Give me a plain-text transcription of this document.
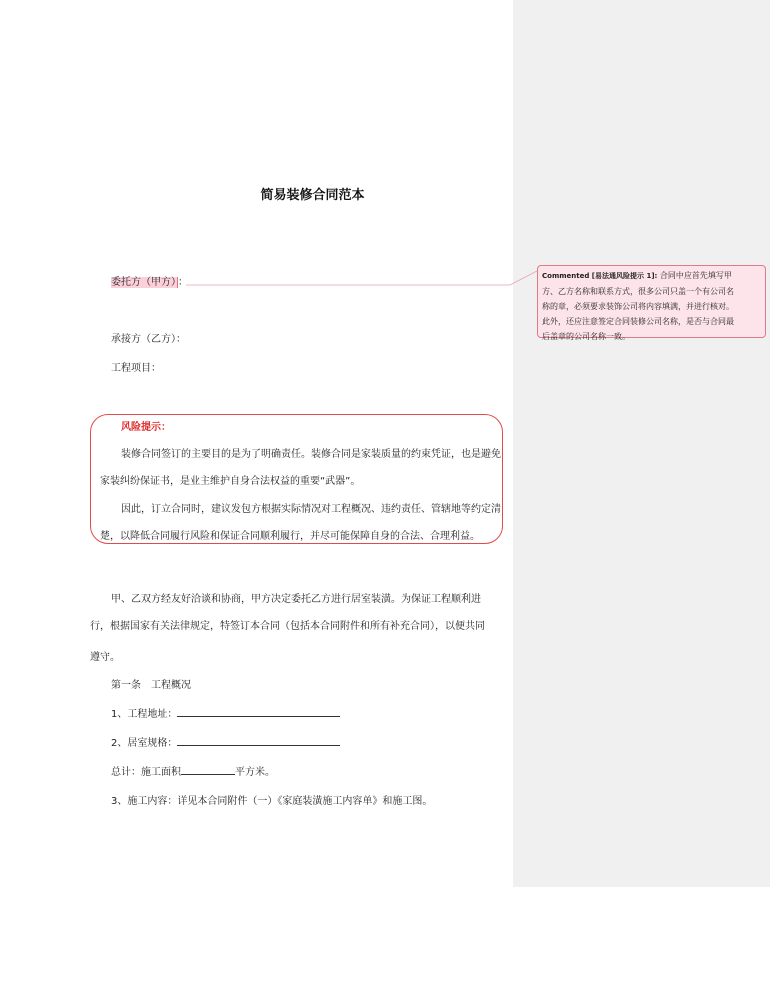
简易装修合同范本
委托方（甲方） ：
Commented [易法通风险提示 1]: 合同中应首先填写甲
方、乙方名称和联系方式，很多公司只盖一个有公司名
称的章，必须要求装饰公司将内容填满，并进行核对。
此外，还应注意签定合同装修公司名称，是否与合同最
后盖章的公司名称一致。
承接方（乙方）：
工程项目：
风险提示：
装修合同签订的主要目的是为了明确责任。装修合同是家装质量的约束凭证，也是避免
家装纠纷保证书，是业主维护自身合法权益的重要“武器”。
因此，订立合同时，建议发包方根据实际情况对工程概况、违约责任、管辖地等约定清
楚，以降低合同履行风险和保证合同顺利履行，并尽可能保障自身的合法、合理利益。
甲、乙双方经友好洽谈和协商，甲方决定委托乙方进行居室装潢。为保证工程顺利进
行，根据国家有关法律规定，特签订本合同（包括本合同附件和所有补充合同），以便共同
遵守。
第一条　工程概况
1、工程地址：
2、居室规格：
总计：施工面积	平方米。
3、施工内容：详见本合同附件（一）《家庭装潢施工内容单》和施工图。
